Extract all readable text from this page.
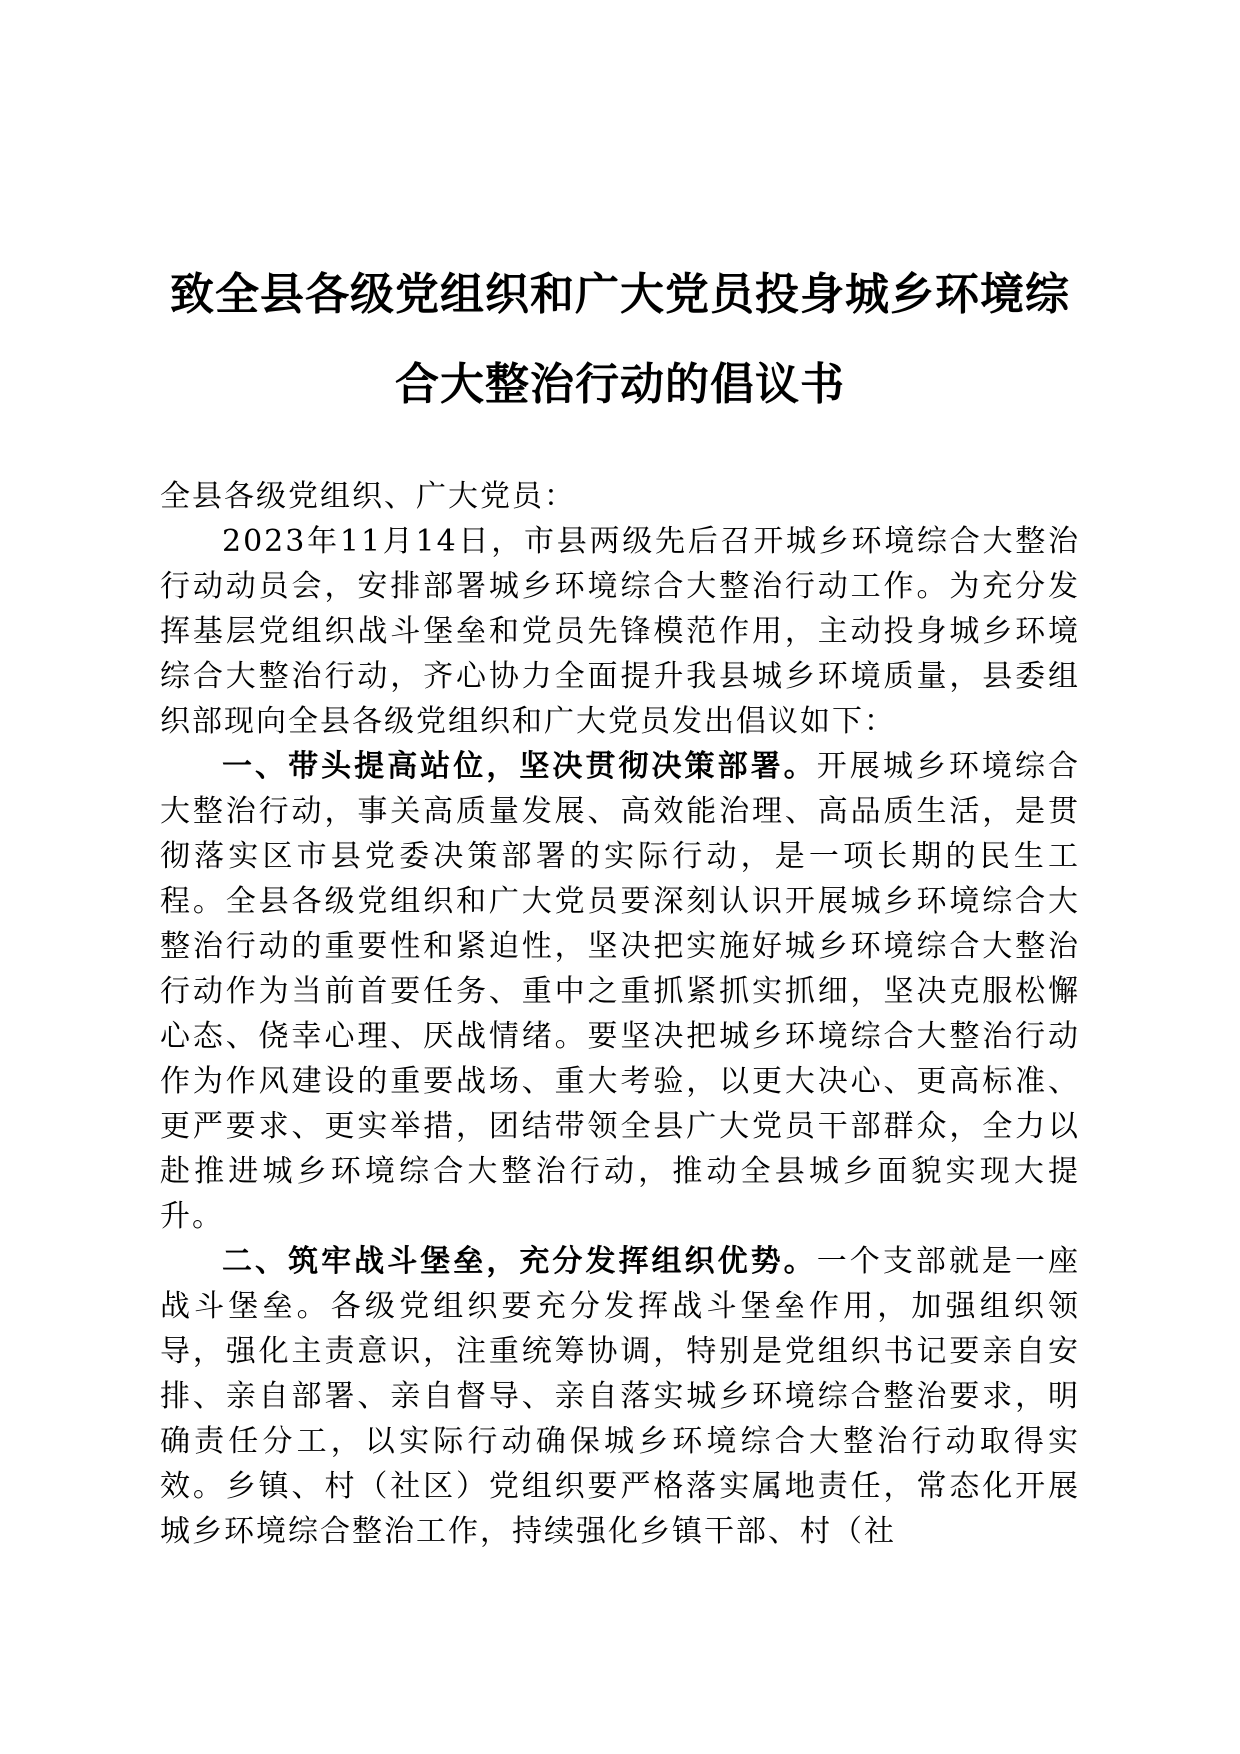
致全县各级党组织和广大党员投身城乡环境综
合大整治行动的倡议书

全县各级党组织、广大党员：

2023年11月14日，市县两级先后召开城乡环境综合大整治行动动员会，安排部署城乡环境综合大整治行动工作。为充分发挥基层党组织战斗堡垒和党员先锋模范作用，主动投身城乡环境综合大整治行动，齐心协力全面提升我县城乡环境质量，县委组织部现向全县各级党组织和广大党员发出倡议如下：

一、带头提高站位，坚决贯彻决策部署。开展城乡环境综合大整治行动，事关高质量发展、高效能治理、高品质生活，是贯彻落实区市县党委决策部署的实际行动，是一项长期的民生工程。全县各级党组织和广大党员要深刻认识开展城乡环境综合大整治行动的重要性和紧迫性，坚决把实施好城乡环境综合大整治行动作为当前首要任务、重中之重抓紧抓实抓细，坚决克服松懈心态、侥幸心理、厌战情绪。要坚决把城乡环境综合大整治行动作为作风建设的重要战场、重大考验，以更大决心、更高标准、更严要求、更实举措，团结带领全县广大党员干部群众，全力以赴推进城乡环境综合大整治行动，推动全县城乡面貌实现大提升。

二、筑牢战斗堡垒，充分发挥组织优势。一个支部就是一座战斗堡垒。各级党组织要充分发挥战斗堡垒作用，加强组织领导，强化主责意识，注重统筹协调，特别是党组织书记要亲自安排、亲自部署、亲自督导、亲自落实城乡环境综合整治要求，明确责任分工，以实际行动确保城乡环境综合大整治行动取得实效。乡镇、村（社区）党组织要严格落实属地责任，常态化开展城乡环境综合整治工作，持续强化乡镇干部、村（社
